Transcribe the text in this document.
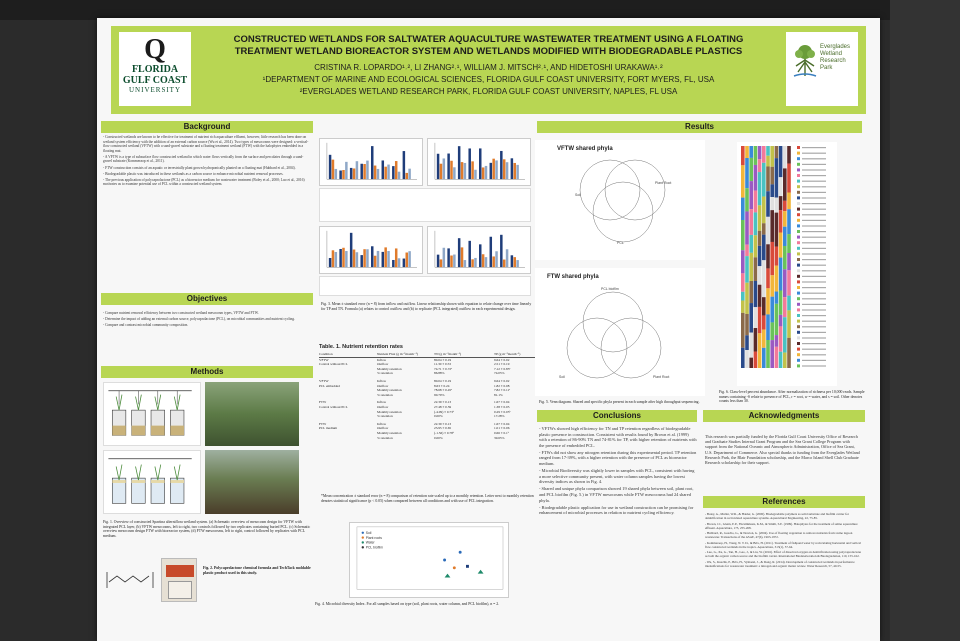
Q
FLORIDA
GULF COAST
UNIVERSITY
CONSTRUCTED WETLANDS FOR SALTWATER AQUACULTURE WASTEWATER TREATMENT USING A FLOATING
TREATMENT WETLAND BIOREACTOR SYSTEM AND WETLANDS MODIFIED WITH BIODEGRADABLE PLASTICS
CRISTINA R. LOPARDO¹˒², LI ZHANG²˒¹, WILLIAM J. MITSCH²˒¹, AND HIDETOSHI URAKAWA¹˒²
¹DEPARTMENT OF MARINE AND ECOLOGICAL SCIENCES, FLORIDA GULF COAST UNIVERSITY, FORT MYERS, FL, USA
²EVERGLADES WETLAND RESEARCH PARK, FLORIDA GULF COAST UNIVERSITY, NAPLES, FL USA
Everglades
Wetland
Research
Park
Background

- Constructed wetlands are known to be effective for treatment of nutrient rich aquaculture effluent, however, little research has been done on wetland system efficiency with the addition of an external carbon source (Wu et al., 2014). Two types of mesocosms were designed: a vertical-flow constructed wetland (VFTW) with a sand-gravel substrate and a floating treatment wetland (FTW) with the halophytes embedded in a floating mat.

- A VFTW is a type of subsurface flow constructed wetland in which water flows vertically from the surface and percolates through a sand-gravel substrate (Kommeraop et al., 2011).

- FTW construction consists of an aquatic or terrestrially plant grown hydroponically planted on a floating mat (Hubbard et al., 2004).

- Biodegradable plastic was introduced in these wetlands as a carbon source to enhance microbial nutrient removal processes.

- The previous application of polycaprolactone (PCL) as a bioreactor medium for wastewater treatment (Boley et al., 2000; Luo et al., 2016) motivates us to examine potential use of PCL within a constructed wetland system.

Objectives

- Compare nutrient removal efficiency between two constructed wetland mesocosm types, VFTW and FTW.

- Determine the impact of adding an external carbon source, polycaprolactone (PCL), on microbial communities and nutrient cycling.

- Compare and contrast microbial community composition.

Methods
Fig. 1. Overview of constructed Spartina alterniflora wetland system. (a) Schematic overview of mesocosm design for VFTW with integrated PCL layer, (b) VFTW mesocosms, left to right, two controls followed by two replicates containing buried PCL. (c) Schematic overview mesocosm design FTW with bioreactor system, (d) FTW mesocosms, left to right, control followed by replicates with PCL medium.
Fig. 2. Polycaprolactone chemical formula and TechTack moldable plastic product used in this study.
Fig. 3. Mean ± standard error (n = 8) from inflow and outflow. Linear relationship shown with equation to relate change over time linearly for TP and TN. Formula (a) relates to control outflow and (b) to replicate (PCL integrated) outflow in each experimental design.
Table. 1. Nutrient retention rates
Condition	Nutrient Flux (g m⁻²month⁻¹)	TN (g m⁻²month⁻¹)	TP (g m⁻²month⁻¹)
VFTW	Inflow	80.04 ± 0.19	9.64 ± 0.02
Control without PCL	Outflow	11.30 ± 0.53	2.51 ± 0.19
Monthly retention	74.71 ± 0.72ᵃ	7.12 ± 0.85ᵃ
% retention	86.88%	74.05%
VFTW	Inflow	80.04 ± 0.19	9.64 ± 0.02
PCL embedded	Outflow	8.63 ± 0.24	1.82 ± 0.08
Monthly retention	78.68 ± 0.45ᵃ	7.82 ± 0.11ᵃ
% retention	90.70%	81.1%
FTW	Inflow	22.39 ± 0.13	1.67 ± 0.04
Control without PCL	Outflow	27.48 ± 0.59	1.38 ± 0.05
Monthly retention	(-4.09) ± 0.73ᵇ	0.29 ± 0.05ᵇ
% retention	0.00%	17.28%
FTW	Inflow	22.39 ± 0.13	1.67 ± 0.04
PCL medium	Outflow	23.95 ± 0.65	1.01 ± 0.06
Monthly retention	(-1.56) ± 0.78ᵇ	0.66 ± 0.1ᵇ
% retention	0.00%	39.65%
*Mean concentration ± standard error (n = 8) comparison of retention rate scaled up to a monthly retention. Letter next to monthly retention denotes statistical significance (p < 0.05) when compared between all conditions and with use of PCL integration.
Soil
Plant roots
Water
PCL biofilm
Fig. 4. Microbial diversity Index. For all samples based on type (soil, plant roots, water column, and PCL biofilm), n = 2.
Results
VFTW shared phyla
Soil
Plant Root
PCL
FTW shared phyla
PCL biofilm
Soil	Plant Root
Fig. 5. Venn diagram. Shared and specific phyla present in each sample after high throughput sequencing.
Fig. 6. Class-level percent abundance. After normalization of richness per 10,000 reads. Sample names containing -S relate to presence of PCL, r = root, w = water, and s = soil. Other denotes counts less than 30.
Conclusions

- VFTWs showed high efficiency for TN and TP retention regardless of biodegradable plastic presence in construction. Consistent with results found by Brown et al. (1999) with a retention of 86-90% TN and 74-81% for TP, with higher retention of nutrients with the presence of embedded PCL.

- FTWs did not show any nitrogen retention during this experimental period. TP retention ranged from 17-39%, with a higher retention with the presence of PCL as bioreactor medium.

- Microbial Biodiversity was slightly lower in samples with PCL, consistent with having a more selective community present, with water column samples having the lowest diversity indices as shown in Fig. 4.

- Shared and unique phyla comparison showed 19 shared phyla between soil, plant root, and PCL biofilm (Fig. 5.) in VFTW mesocosms while FTW mesocosms had 24 shared phyla.

- Biodegradable plastic application for use in wetland construction can be promising for enhancement of microbial processes in relation to nutrient cycling efficiency.

Acknowledgments
This research was partially funded by the Florida Gulf Coast University Office of Research and Graduate Studies Internal Grant Program and the Sea Grant College Program with support from the National Oceanic and Atmospheric Administration, Office of Sea Grant, U.S. Department of Commerce. Also special thanks to funding from the Everglades Wetland Research Park, the Blair Foundation scholarship, and the Marco Island Shell Club Graduate Research scholarship for their support.
References

- Boley, A., Muller, W.R., & Haider, G. (2000). Biodegradable polymers as solid substrate and biofilm carrier for denitrification in recirculated aquaculture systems. Aquacultural Engineering, 22, 75-85.

- Brown, J.J., Glenn, E.P., Fitzsimmons, K.M., & Smith, S.E. (1999). Halophytes for the treatment of saline aquaculture effluent. Aquaculture, 175, 255-268.

- Hubbard, R., Gascho, G., & Newton, G. (2004). Use of floating vegetation to remove nutrients from swine lagoon wastewater. Transactions of the ASAE, 47(6), 1963-1972.

- Kommeraop, H., Trang, N. T. D., & Brix, H. (2011). Treatment of fishpond water by recirculating horizontal and vertical flow constructed wetlands in the tropics. Aquaculture, 313(1), 57-64.

- Luo, G., Xu, G., Tan, H., Gao, J., & Liu, W. (2016). Effect of dissolved oxygen on denitrification using polycaprolactone as both the organic carbon source and the biofilm carrier. International Biodeterioration & Biodegradation, 110, 155-162.

- Wu, S., Kuschk, P., Brix, H., Vymazal, J., & Dong, R. (2014). Development of constructed wetlands in performance intensifications for wastewater treatment: a nitrogen and organic matter review. Water Research, 57, 40-55.
